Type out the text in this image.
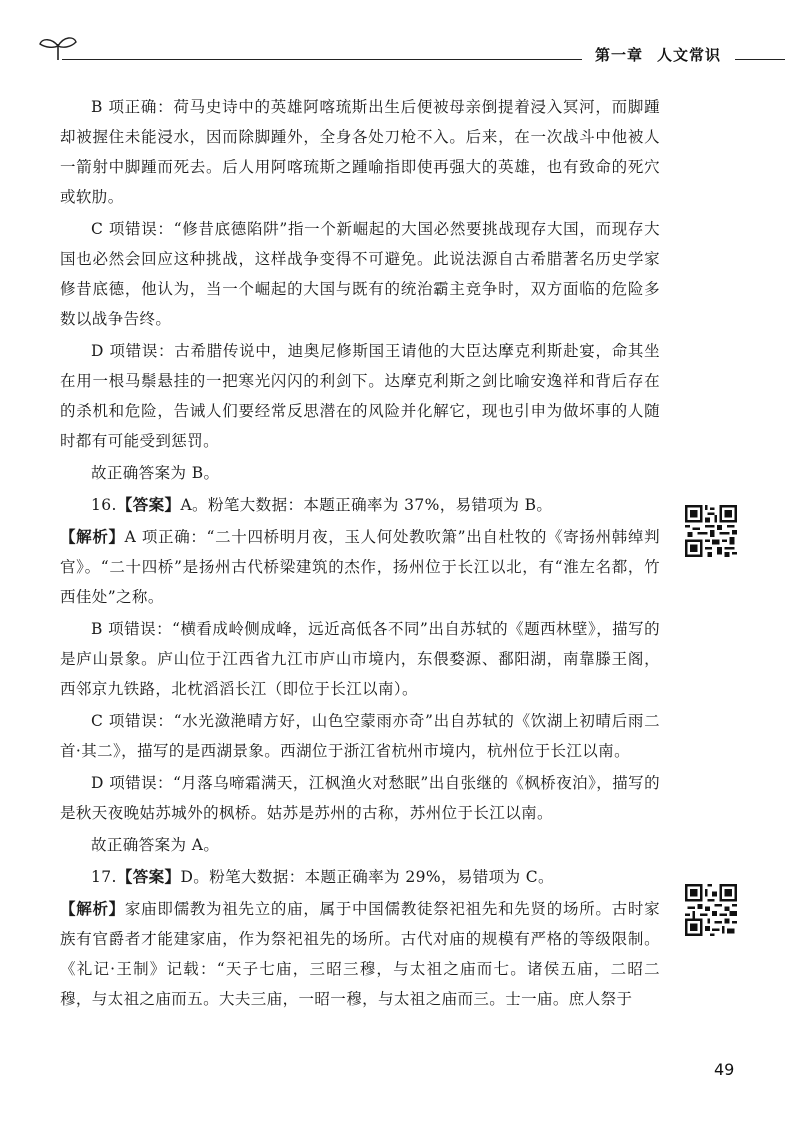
第一章 人文常识

B 项正确：荷马史诗中的英雄阿喀琉斯出生后便被母亲倒提着浸入冥河，而脚踵却被握住未能浸水，因而除脚踵外，全身各处刀枪不入。后来，在一次战斗中他被人一箭射中脚踵而死去。后人用阿喀琉斯之踵喻指即使再强大的英雄，也有致命的死穴或软肋。

C 项错误：“修昔底德陷阱”指一个新崛起的大国必然要挑战现存大国，而现存大国也必然会回应这种挑战，这样战争变得不可避免。此说法源自古希腊著名历史学家修昔底德，他认为，当一个崛起的大国与既有的统治霸主竞争时，双方面临的危险多数以战争告终。

D 项错误：古希腊传说中，迪奥尼修斯国王请他的大臣达摩克利斯赴宴，命其坐在用一根马鬃悬挂的一把寒光闪闪的利剑下。达摩克利斯之剑比喻安逸祥和背后存在的杀机和危险，告诫人们要经常反思潜在的风险并化解它，现也引申为做坏事的人随时都有可能受到惩罚。

故正确答案为 B。

16.【答案】A。粉笔大数据：本题正确率为 37%，易错项为 B。

【解析】A 项正确：“二十四桥明月夜，玉人何处教吹箫”出自杜牧的《寄扬州韩绰判官》。“二十四桥”是扬州古代桥梁建筑的杰作，扬州位于长江以北，有“淮左名都，竹西佳处”之称。

B 项错误：“横看成岭侧成峰，远近高低各不同”出自苏轼的《题西林壁》，描写的是庐山景象。庐山位于江西省九江市庐山市境内，东偎婺源、鄱阳湖，南靠滕王阁，西邻京九铁路，北枕滔滔长江（即位于长江以南）。

C 项错误：“水光潋滟晴方好，山色空蒙雨亦奇”出自苏轼的《饮湖上初晴后雨二首·其二》，描写的是西湖景象。西湖位于浙江省杭州市境内，杭州位于长江以南。

D 项错误：“月落乌啼霜满天，江枫渔火对愁眠”出自张继的《枫桥夜泊》，描写的是秋天夜晚姑苏城外的枫桥。姑苏是苏州的古称，苏州位于长江以南。

故正确答案为 A。

17.【答案】D。粉笔大数据：本题正确率为 29%，易错项为 C。

【解析】家庙即儒教为祖先立的庙，属于中国儒教徒祭祀祖先和先贤的场所。古时家族有官爵者才能建家庙，作为祭祀祖先的场所。古代对庙的规模有严格的等级限制。《礼记·王制》记载：“天子七庙，三昭三穆，与太祖之庙而七。诸侯五庙，二昭二穆，与太祖之庙而五。大夫三庙，一昭一穆，与太祖之庙而三。士一庙。庶人祭于

49
